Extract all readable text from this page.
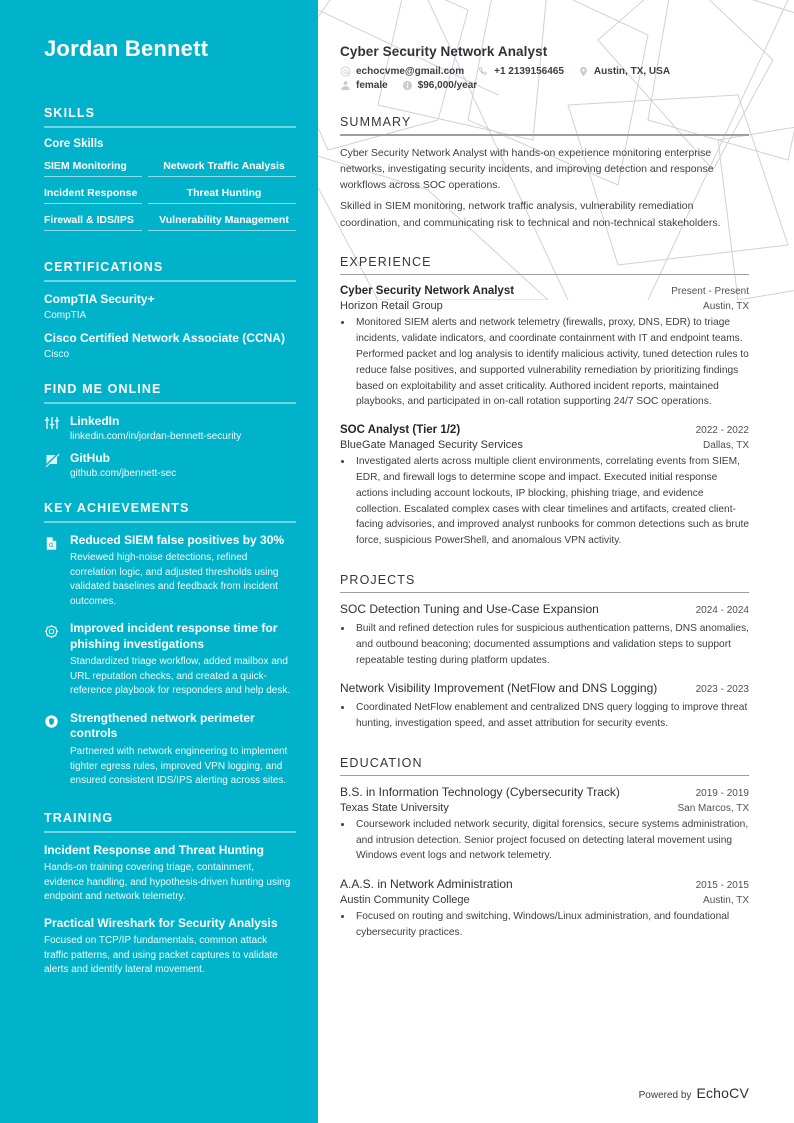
Jordan Bennett
SKILLS
Core Skills
SIEM Monitoring	Network Traffic Analysis
Incident Response	Threat Hunting
Firewall & IDS/IPS	Vulnerability Management
CERTIFICATIONS
CompTIA Security+
CompTIA
Cisco Certified Network Associate (CCNA)
Cisco
FIND ME ONLINE
LinkedIn
linkedin.com/in/jordan-bennett-security
GitHub
github.com/jbennett-sec
KEY ACHIEVEMENTS
G Reduced SIEM false positives by 30%
Reviewed high-noise detections, refined correlation logic, and adjusted thresholds using validated baselines and feedback from incident outcomes.
Improved incident response time for phishing investigations
Standardized triage workflow, added mailbox and URL reputation checks, and created a quick-reference playbook for responders and help desk.
Strengthened network perimeter controls
Partnered with network engineering to implement tighter egress rules, improved VPN logging, and ensured consistent IDS/IPS alerting across sites.
TRAINING
Incident Response and Threat Hunting
Hands-on training covering triage, containment, evidence handling, and hypothesis-driven hunting using endpoint and network telemetry.
Practical Wireshark for Security Analysis
Focused on TCP/IP fundamentals, common attack traffic patterns, and using packet captures to validate alerts and identify lateral movement.
Cyber Security Network Analyst
echocvme@gmail.com	+1 2139156465	Austin, TX, USA
female	$96,000/year
SUMMARY

Cyber Security Network Analyst with hands-on experience monitoring enterprise networks, investigating security incidents, and improving detection and response workflows across SOC operations.

Skilled in SIEM monitoring, network traffic analysis, vulnerability remediation coordination, and communicating risk to technical and non-technical stakeholders.

EXPERIENCE
Cyber Security Network Analyst	Present - Present
Horizon Retail Group	Austin, TX
• Monitored SIEM alerts and network telemetry (firewalls, proxy, DNS, EDR) to triage incidents, validate indicators, and coordinate containment with IT and endpoint teams. Performed packet and log analysis to identify malicious activity, tuned detection rules to reduce false positives, and supported vulnerability remediation by prioritizing findings based on exploitability and asset criticality. Authored incident reports, maintained playbooks, and participated in on-call rotation supporting 24/7 SOC operations.
SOC Analyst (Tier 1/2)	2022 - 2022
BlueGate Managed Security Services	Dallas, TX
• Investigated alerts across multiple client environments, correlating events from SIEM, EDR, and firewall logs to determine scope and impact. Executed initial response actions including account lockouts, IP blocking, phishing triage, and evidence collection. Escalated complex cases with clear timelines and artifacts, created client-facing advisories, and improved analyst runbooks for common detections such as brute force, suspicious PowerShell, and anomalous VPN activity.
PROJECTS
SOC Detection Tuning and Use-Case Expansion	2024 - 2024
• Built and refined detection rules for suspicious authentication patterns, DNS anomalies, and outbound beaconing; documented assumptions and validation steps to support repeatable testing during platform updates.
Network Visibility Improvement (NetFlow and DNS Logging)	2023 - 2023
• Coordinated NetFlow enablement and centralized DNS query logging to improve threat hunting, investigation speed, and asset attribution for security events.
EDUCATION
B.S. in Information Technology (Cybersecurity Track)	2019 - 2019
Texas State University	San Marcos, TX
• Coursework included network security, digital forensics, secure systems administration, and intrusion detection. Senior project focused on detecting lateral movement using Windows event logs and network telemetry.
A.A.S. in Network Administration	2015 - 2015
Austin Community College	Austin, TX
• Focused on routing and switching, Windows/Linux administration, and foundational cybersecurity practices.
Powered by EchoCV
